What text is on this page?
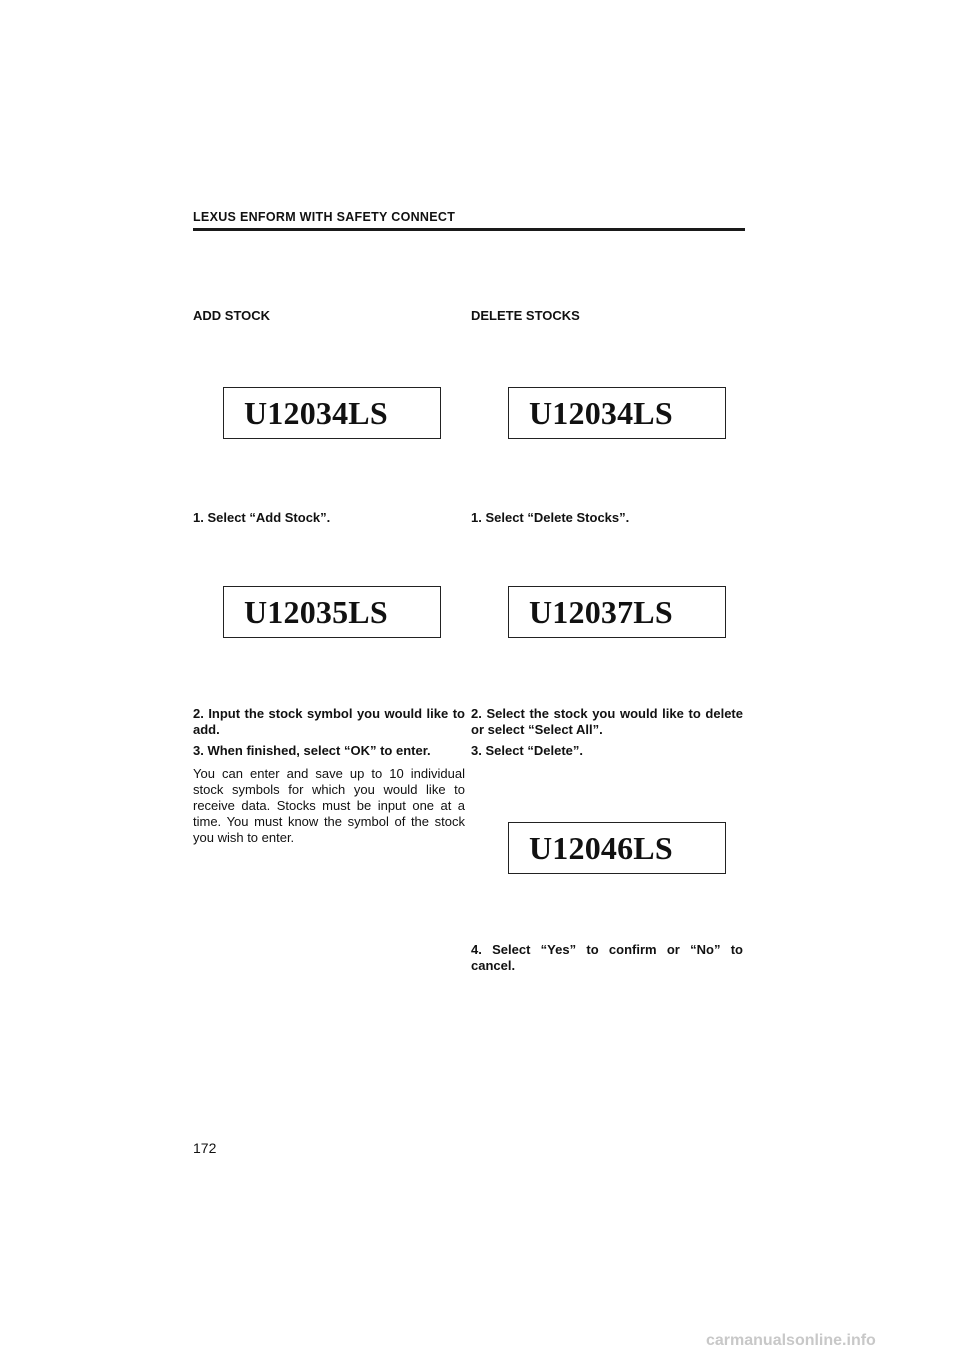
LEXUS ENFORM WITH SAFETY CONNECT
ADD STOCK
U12034LS
1. Select “Add Stock”.
U12035LS
2. Input the stock symbol you would like to add.
3. When finished, select “OK” to enter.
You can enter and save up to 10 individual stock symbols for which you would like to receive data. Stocks must be input one at a time. You must know the symbol of the stock you wish to enter.
DELETE STOCKS
U12034LS
1. Select “Delete Stocks”.
U12037LS
2. Select the stock you would like to delete or select “Select All”.
3. Select “Delete”.
U12046LS
4. Select “Yes” to confirm or “No” to cancel.
172
carmanualsonline.info
